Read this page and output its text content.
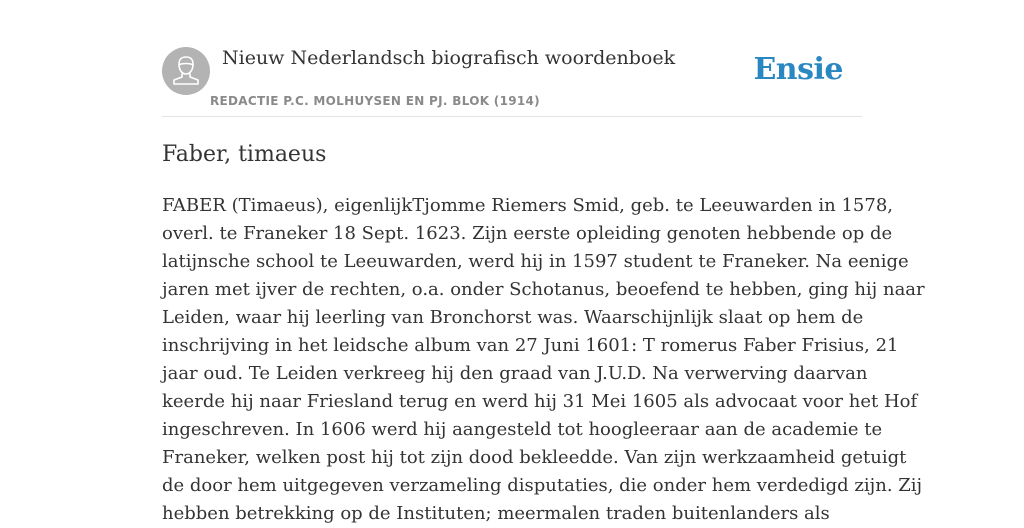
Nieuw Nederlandsch biografisch woordenboek
REDACTIE P.C. MOLHUYSEN EN PJ. BLOK (1914)
Ensie
Faber, timaeus
FABER (Timaeus), eigenlijkTjomme Riemers Smid, geb. te Leeuwarden in 1578,
overl. te Franeker 18 Sept. 1623. Zijn eerste opleiding genoten hebbende op de
latijnsche school te Leeuwarden, werd hij in 1597 student te Franeker. Na eenige
jaren met ijver de rechten, o.a. onder Schotanus, beoefend te hebben, ging hij naar
Leiden, waar hij leerling van Bronchorst was. Waarschijnlijk slaat op hem de
inschrijving in het leidsche album van 27 Juni 1601: T romerus Faber Frisius, 21
jaar oud. Te Leiden verkreeg hij den graad van J.U.D. Na verwerving daarvan
keerde hij naar Friesland terug en werd hij 31 Mei 1605 als advocaat voor het Hof
ingeschreven. In 1606 werd hij aangesteld tot hoogleeraar aan de academie te
Franeker, welken post hij tot zijn dood bekleedde. Van zijn werkzaamheid getuigt
de door hem uitgegeven verzameling disputaties, die onder hem verdedigd zijn. Zij
hebben betrekking op de Instituten; meermalen traden buitenlanders als
